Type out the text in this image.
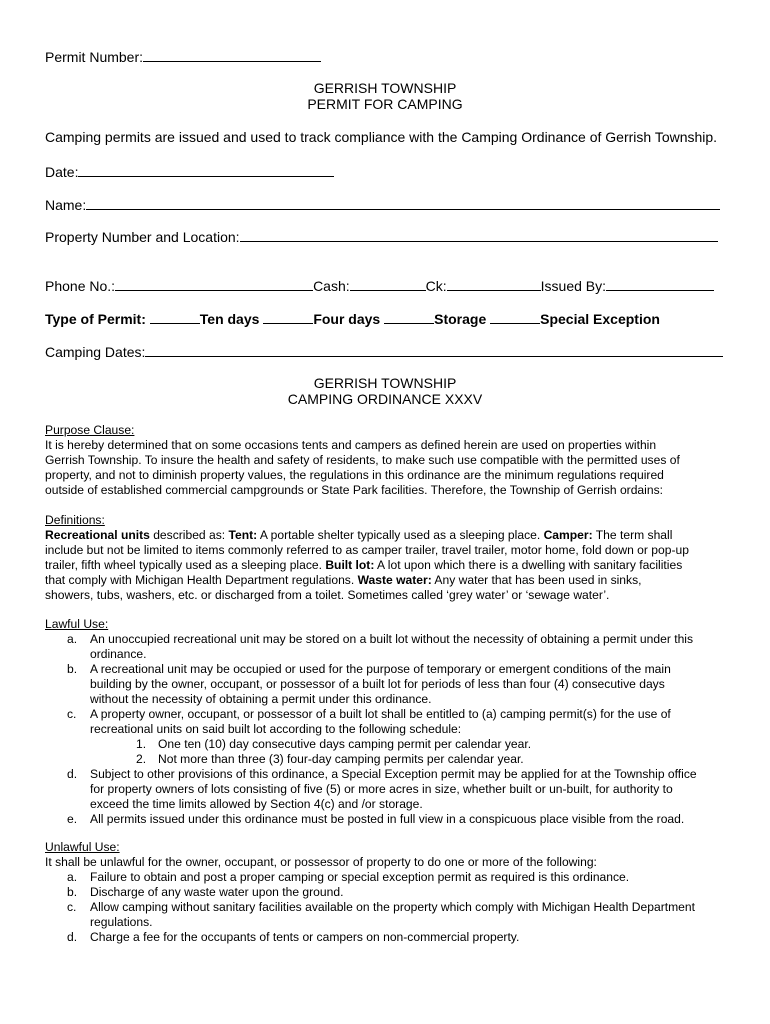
Permit Number:
GERRISH TOWNSHIP
PERMIT FOR CAMPING
Camping permits are issued and used to track compliance with the Camping Ordinance of Gerrish Township.
Date:
Name:
Property Number and Location:
Phone No.:	Cash:	Ck:	Issued By:
Type of Permit:	Ten days	Four days	Storage	Special Exception
Camping Dates:
GERRISH TOWNSHIP
CAMPING ORDINANCE XXXV

Purpose Clause:

It is hereby determined that on some occasions tents and campers as defined herein are used on properties within

Gerrish Township. To insure the health and safety of residents, to make such use compatible with the permitted uses of

property, and not to diminish property values, the regulations in this ordinance are the minimum regulations required

outside of established commercial campgrounds or State Park facilities. Therefore, the Township of Gerrish ordains:

Definitions:

Recreational units described as: Tent: A portable shelter typically used as a sleeping place. Camper: The term shall

include but not be limited to items commonly referred to as camper trailer, travel trailer, motor home, fold down or pop-up

trailer, fifth wheel typically used as a sleeping place. Built lot: A lot upon which there is a dwelling with sanitary facilities

that comply with Michigan Health Department regulations. Waste water: Any water that has been used in sinks,

showers, tubs, washers, etc. or discharged from a toilet. Sometimes called ‘grey water’ or ‘sewage water’.

Lawful Use:

a. An unoccupied recreational unit may be stored on a built lot without the necessity of obtaining a permit under this
ordinance.
b. A recreational unit may be occupied or used for the purpose of temporary or emergent conditions of the main
building by the owner, occupant, or possessor of a built lot for periods of less than four (4) consecutive days
without the necessity of obtaining a permit under this ordinance.
c. A property owner, occupant, or possessor of a built lot shall be entitled to (a) camping permit(s) for the use of
recreational units on said built lot according to the following schedule:
1. One ten (10) day consecutive days camping permit per calendar year.
2. Not more than three (3) four-day camping permits per calendar year.
d. Subject to other provisions of this ordinance, a Special Exception permit may be applied for at the Township office
for property owners of lots consisting of five (5) or more acres in size, whether built or un-built, for authority to
exceed the time limits allowed by Section 4(c) and /or storage.
e. All permits issued under this ordinance must be posted in full view in a conspicuous place visible from the road.

Unlawful Use:

It shall be unlawful for the owner, occupant, or possessor of property to do one or more of the following:

a. Failure to obtain and post a proper camping or special exception permit as required is this ordinance.
b. Discharge of any waste water upon the ground.
c. Allow camping without sanitary facilities available on the property which comply with Michigan Health Department
regulations.
d. Charge a fee for the occupants of tents or campers on non-commercial property.
